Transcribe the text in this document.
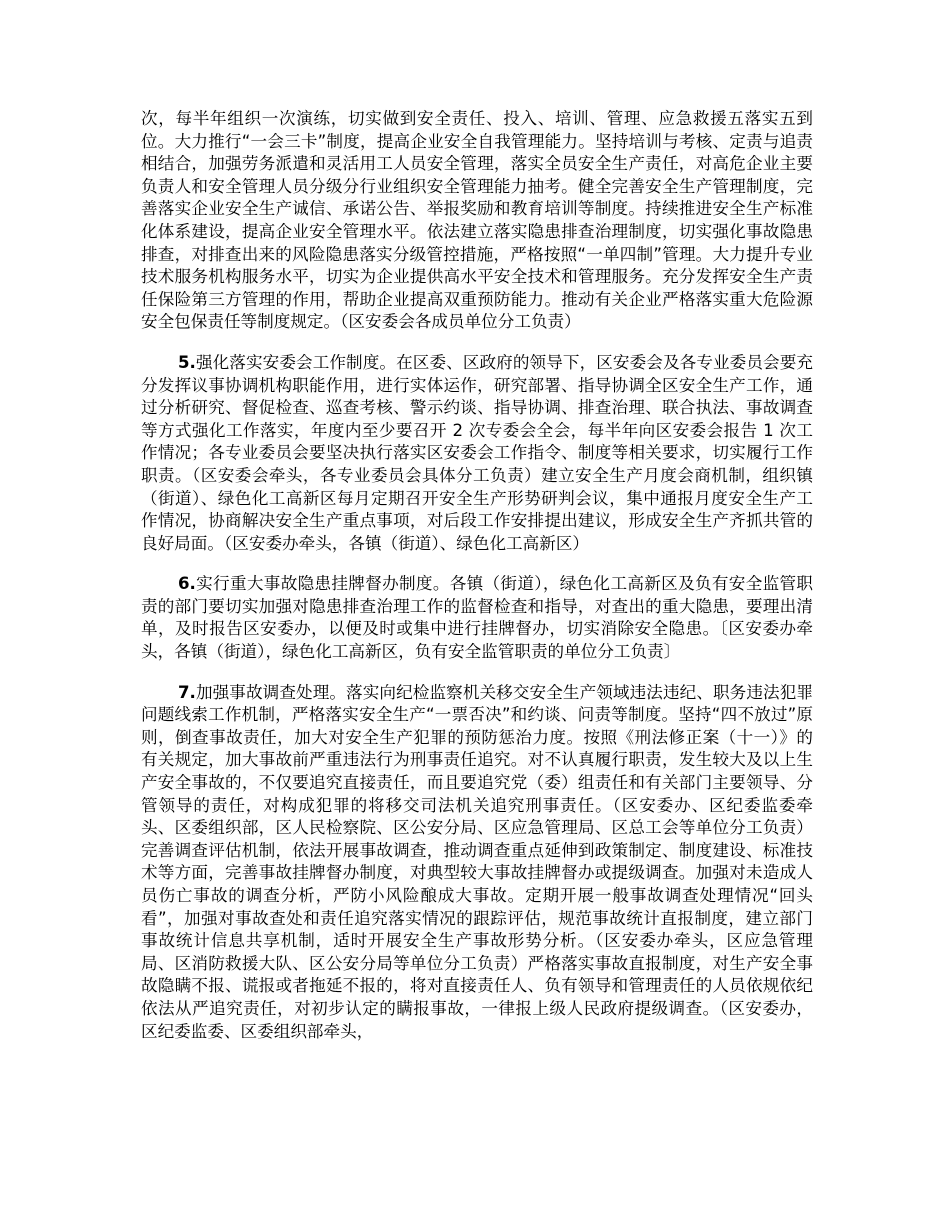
次，每半年组织一次演练，切实做到安全责任、投入、培训、管理、应急救援五落实五到位。大力推行“一会三卡”制度，提高企业安全自我管理能力。坚持培训与考核、定责与追责相结合，加强劳务派遣和灵活用工人员安全管理，落实全员安全生产责任，对高危企业主要负责人和安全管理人员分级分行业组织安全管理能力抽考。健全完善安全生产管理制度，完善落实企业安全生产诚信、承诺公告、举报奖励和教育培训等制度。持续推进安全生产标准化体系建设，提高企业安全管理水平。依法建立落实隐患排查治理制度，切实强化事故隐患排查，对排查出来的风险隐患落实分级管控措施，严格按照“一单四制”管理。大力提升专业技术服务机构服务水平，切实为企业提供高水平安全技术和管理服务。充分发挥安全生产责任保险第三方管理的作用，帮助企业提高双重预防能力。推动有关企业严格落实重大危险源安全包保责任等制度规定。（区安委会各成员单位分工负责）

5.强化落实安委会工作制度。在区委、区政府的领导下，区安委会及各专业委员会要充分发挥议事协调机构职能作用，进行实体运作，研究部署、指导协调全区安全生产工作，通过分析研究、督促检查、巡查考核、警示约谈、指导协调、排查治理、联合执法、事故调查等方式强化工作落实，年度内至少要召开 2 次专委会全会，每半年向区安委会报告 1 次工作情况；各专业委员会要坚决执行落实区安委会工作指令、制度等相关要求，切实履行工作职责。（区安委会牵头，各专业委员会具体分工负责）建立安全生产月度会商机制，组织镇（街道）、绿色化工高新区每月定期召开安全生产形势研判会议，集中通报月度安全生产工作情况，协商解决安全生产重点事项，对后段工作安排提出建议，形成安全生产齐抓共管的良好局面。（区安委办牵头，各镇（街道）、绿色化工高新区）

6.实行重大事故隐患挂牌督办制度。各镇（街道），绿色化工高新区及负有安全监管职责的部门要切实加强对隐患排查治理工作的监督检查和指导，对查出的重大隐患，要理出清单，及时报告区安委办，以便及时或集中进行挂牌督办，切实消除安全隐患。〔区安委办牵头，各镇（街道），绿色化工高新区，负有安全监管职责的单位分工负责〕

7.加强事故调查处理。落实向纪检监察机关移交安全生产领域违法违纪、职务违法犯罪问题线索工作机制，严格落实安全生产“一票否决”和约谈、问责等制度。坚持“四不放过”原则，倒查事故责任，加大对安全生产犯罪的预防惩治力度。按照《刑法修正案（十一）》的有关规定，加大事故前严重违法行为刑事责任追究。对不认真履行职责，发生较大及以上生产安全事故的，不仅要追究直接责任，而且要追究党（委）组责任和有关部门主要领导、分管领导的责任，对构成犯罪的将移交司法机关追究刑事责任。（区安委办、区纪委监委牵头、区委组织部，区人民检察院、区公安分局、区应急管理局、区总工会等单位分工负责）完善调查评估机制，依法开展事故调查，推动调查重点延伸到政策制定、制度建设、标准技术等方面，完善事故挂牌督办制度，对典型较大事故挂牌督办或提级调查。加强对未造成人员伤亡事故的调查分析，严防小风险酿成大事故。定期开展一般事故调查处理情况“回头看”，加强对事故查处和责任追究落实情况的跟踪评估，规范事故统计直报制度，建立部门事故统计信息共享机制，适时开展安全生产事故形势分析。（区安委办牵头，区应急管理局、区消防救援大队、区公安分局等单位分工负责）严格落实事故直报制度，对生产安全事故隐瞒不报、谎报或者拖延不报的，将对直接责任人、负有领导和管理责任的人员依规依纪依法从严追究责任，对初步认定的瞒报事故，一律报上级人民政府提级调查。（区安委办，区纪委监委、区委组织部牵头，
